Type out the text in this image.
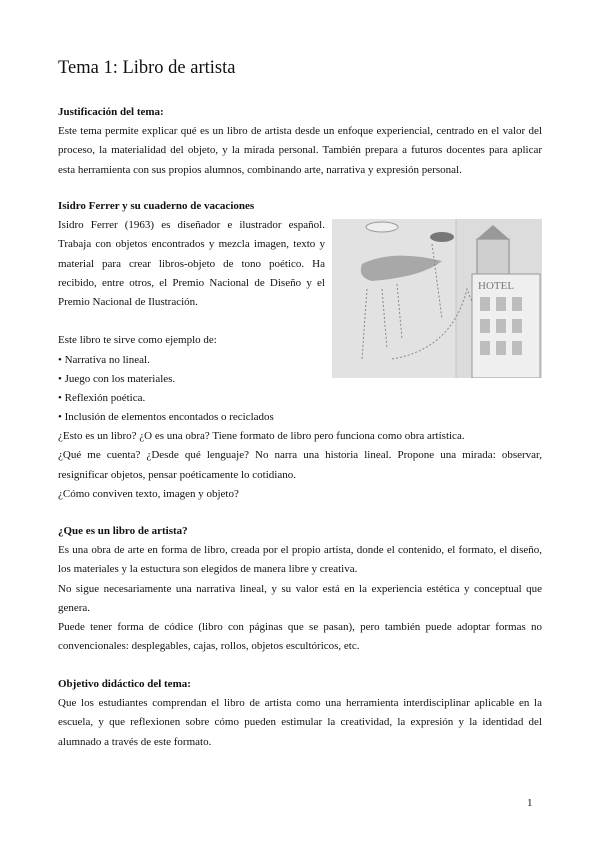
Tema 1: Libro de artista
Justificación del tema:
Este tema permite explicar qué es un libro de artista desde un enfoque experiencial, centrado en el valor del
proceso, la materialidad del objeto, y la mirada personal. También prepara a futuros docentes para aplicar
esta herramienta con sus propios alumnos, combinando arte, narrativa y expresión personal.
Isidro Ferrer y su cuaderno de vacaciones
Isidro Ferrer (1963) es diseñador e ilustrador español.
Trabaja con objetos encontrados y mezcla imagen, texto y
material para crear libros-objeto de tono poético. Ha
recibido, entre otros, el Premio Nacional de Diseño y el
Premio Nacional de Ilustración.
Este libro te sirve como ejemplo de:
• Narrativa no lineal.
• Juego con los materiales.
• Reflexión poética.
• Inclusión de elementos encontados o reciclados
¿Esto es un libro? ¿O es una obra? Tiene formato de libro pero funciona como obra artística.
¿Qué me cuenta? ¿Desde qué lenguaje? No narra una historia lineal. Propone una mirada: observar,
resignificar objetos, pensar poéticamente lo cotidiano.
¿Cómo conviven texto, imagen y objeto?
HOTEL
¿Que es un libro de artista?
Es una obra de arte en forma de libro, creada por el propio artista, donde el contenido, el formato, el diseño,
los materiales y la estuctura son elegidos de manera libre y creativa.
No sigue necesariamente una narrativa lineal, y su valor está en la experiencia estética y conceptual que
genera.
Puede tener forma de códice (libro con páginas que se pasan), pero también puede adoptar formas no
convencionales: desplegables, cajas, rollos, objetos escultóricos, etc.
Objetivo didáctico del tema:
Que los estudiantes comprendan el libro de artista como una herramienta interdisciplinar aplicable en la
escuela, y que reflexionen sobre cómo pueden estimular la creatividad, la expresión y la identidad del
alumnado a través de este formato.
1
